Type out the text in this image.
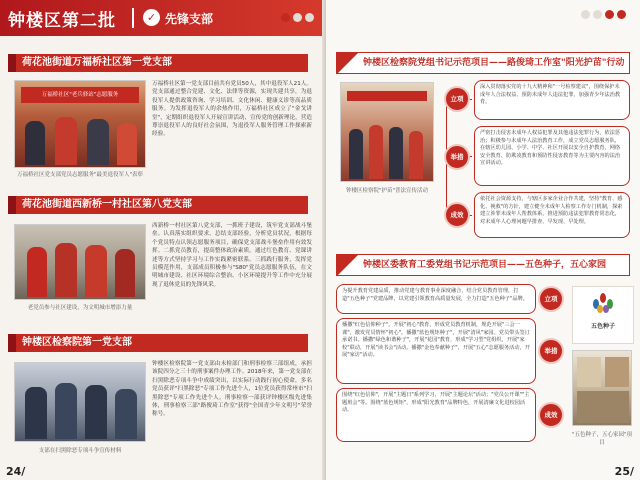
钟楼区第二批	✓ 先锋支部
荷花池街道万福桥社区第一党支部
万福桥社区"老兵驿站"志愿服务
万福桥社区党支部党员志愿服务"最美退役军人"表彰
万福桥社区第一党支部目前共有党员50人，其中退役军人21人。党支部通过整合党建、文化、法律等资源，实现共建共享，为退役军人提供政策咨询、学习培训、文化休闲、健康义诊等高品质服务。为发挥退役军人的余热作用，万福桥社区成立了"金戈讲堂"，定期组织退役军人开展宣讲活动，宣传党的创新理论，营造尊崇退役军人的良好社会氛围，为退役军人服务管理工作探索新经验。
荷花池街道西新桥一村社区第八党支部
老党员参与社区建设，为文明城市增添力量
西新桥一村社区第八党支部，一抓班子建设，筑牢党支部战斗堡垒。认真落实组织要求，总结支部经验，分析党员状况，根据每个党员特点认领志愿服务项目，确保党支部战斗堡垒作用有效发挥。二抓党员教育，提高整体政治素质。通过红色教育、党课讲述等方式坚持学习与工作实践紧密联系。三抓践行服务，发挥党员模范作用，支部成员积极参与"S80"党员志愿服务队伍，在文明城市建设、社区环境综合整治、小区环境提升等工作中充分展现了退休党员的先锋风采。
钟楼区检察院第一党支部
支部在扫黑除恶专项斗争宣传材料
钟楼区检察院第一党支部由未检部门和刑事检察三部组成，承担该院四分之三十的刑事案件办理工作。2018年来，第一党支部在扫黑除恶专项斗争中成绩突出，以实际行动践行初心使命，多名党员获评"扫黑除恶"专项工作先进个人，1位党员获得常州市"扫黑除恶"专项工作先进个人。刑事检察一部获评钟楼区级先进集体，刑事检察三部"路俊琦工作室"获得"全国青少年文明号"荣誉称号。
24/
钟楼区检察院党组书记示范项目——路俊琦工作室"阳光护苗"行动
钟楼区检察院"护苗"普法宣传活动
立项
举措
成效
深入贯彻落实党的十九大精神和"一号检察建议"，围绕保护未成年人合法权益、预防未成年人违法犯罪，加强青少年法治教育。
严密打击侵害未成年人权益犯罪及其他违法犯罪行为，依法惩治；积极参与未成年人法治教育工作，成立党员志愿服务队，在辖区幼儿园、小学、中学、社区开展以安全自护教育、网络安全教育、防欺凌教育和预防性侵害教育等为主要内容的法治宣讲活动。
依托社会资源支持，与辖区多家企业合作共建，坚持"教育、感化、挽救"的方针，建立健全未成年人检察工作专门机制，探索建立涉罪未成年人帮教体系，推进预防违法犯罪教育常态化，对未成年人心理问题早排查、早发现、早处理。
钟楼区委教育工委党组书记示范项目——五色种子，五心家园
为提升教育党建品质，推动党建与教育事业深度融合，结合党员教育管理，打造"五色种子"党建品牌，以党建引领教育高质量发展，全力打造"五色种子"品牌。
播撒"红色信仰种子"，开展"初心"教育。形成党员教育机制，规范开展"三会一课"，激发党员情怀"初心"。播撒"蓝色规矩种子"，开展"清风"家园。党员带头签订承诺书。播撒"绿色和谐种子"，开展"花园"教育，形成"学习型"党组织，开展"家校"联动，开展"读书会"活动。播撒"金色奉献种子"，开展"五心"志愿服务活动，开展"家访"活动。
围绕"红色信仰"，开展"主题日"系列学习，开展"主题论坛"活动；"党员公开课""主题班会"等。围绕"蓝色规矩"，形成"阳光教育"品牌特色，开展清廉文化进校园活动。
立项
举措
成效
五色种子
"五色种子，五心家园"项目
25/
